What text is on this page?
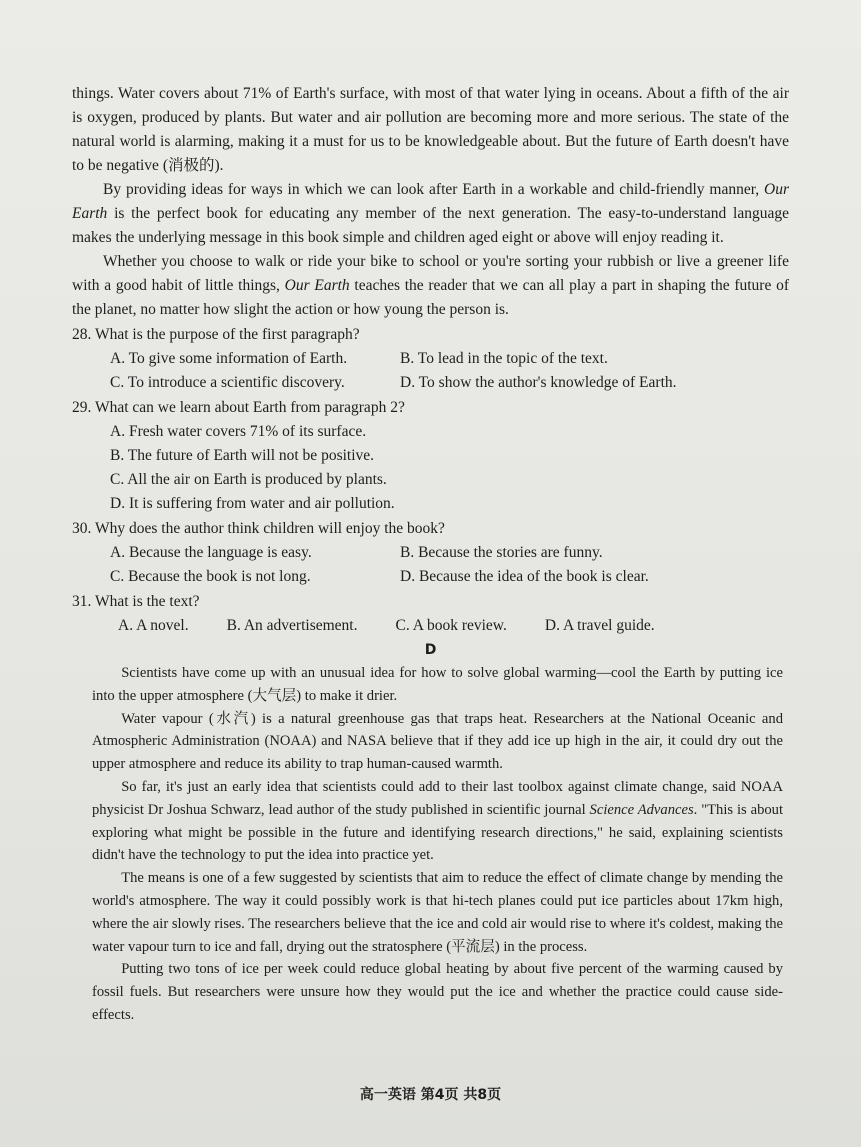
things. Water covers about 71% of Earth's surface, with most of that water lying in oceans. About a fifth of the air is oxygen, produced by plants. But water and air pollution are becoming more and more serious. The state of the natural world is alarming, making it a must for us to be knowledgeable about. But the future of Earth doesn't have to be negative (消极的).

By providing ideas for ways in which we can look after Earth in a workable and child-friendly manner, Our Earth is the perfect book for educating any member of the next generation. The easy-to-understand language makes the underlying message in this book simple and children aged eight or above will enjoy reading it.

Whether you choose to walk or ride your bike to school or you're sorting your rubbish or live a greener life with a good habit of little things, Our Earth teaches the reader that we can all play a part in shaping the future of the planet, no matter how slight the action or how young the person is.

28. What is the purpose of the first paragraph?

A. To give some information of Earth.	B. To lead in the topic of the text.
C. To introduce a scientific discovery.	D. To show the author's knowledge of Earth.

29. What can we learn about Earth from paragraph 2?

A. Fresh water covers 71% of its surface.
B. The future of Earth will not be positive.
C. All the air on Earth is produced by plants.
D. It is suffering from water and air pollution.

30. Why does the author think children will enjoy the book?

A. Because the language is easy.	B. Because the stories are funny.
C. Because the book is not long.	D. Because the idea of the book is clear.

31. What is the text?

A. A novel. B. An advertisement. C. A book review. D. A travel guide.

D

Scientists have come up with an unusual idea for how to solve global warming—cool the Earth by putting ice into the upper atmosphere (大气层) to make it drier.

Water vapour (水汽) is a natural greenhouse gas that traps heat. Researchers at the National Oceanic and Atmospheric Administration (NOAA) and NASA believe that if they add ice up high in the air, it could dry out the upper atmosphere and reduce its ability to trap human-caused warmth.

So far, it's just an early idea that scientists could add to their last toolbox against climate change, said NOAA physicist Dr Joshua Schwarz, lead author of the study published in scientific journal Science Advances. "This is about exploring what might be possible in the future and identifying research directions," he said, explaining scientists didn't have the technology to put the idea into practice yet.

The means is one of a few suggested by scientists that aim to reduce the effect of climate change by mending the world's atmosphere. The way it could possibly work is that hi-tech planes could put ice particles about 17km high, where the air slowly rises. The researchers believe that the ice and cold air would rise to where it's coldest, making the water vapour turn to ice and fall, drying out the stratosphere (平流层) in the process.

Putting two tons of ice per week could reduce global heating by about five percent of the warming caused by fossil fuels. But researchers were unsure how they would put the ice and whether the practice could cause side-effects.

高一英语 第4页 共8页
